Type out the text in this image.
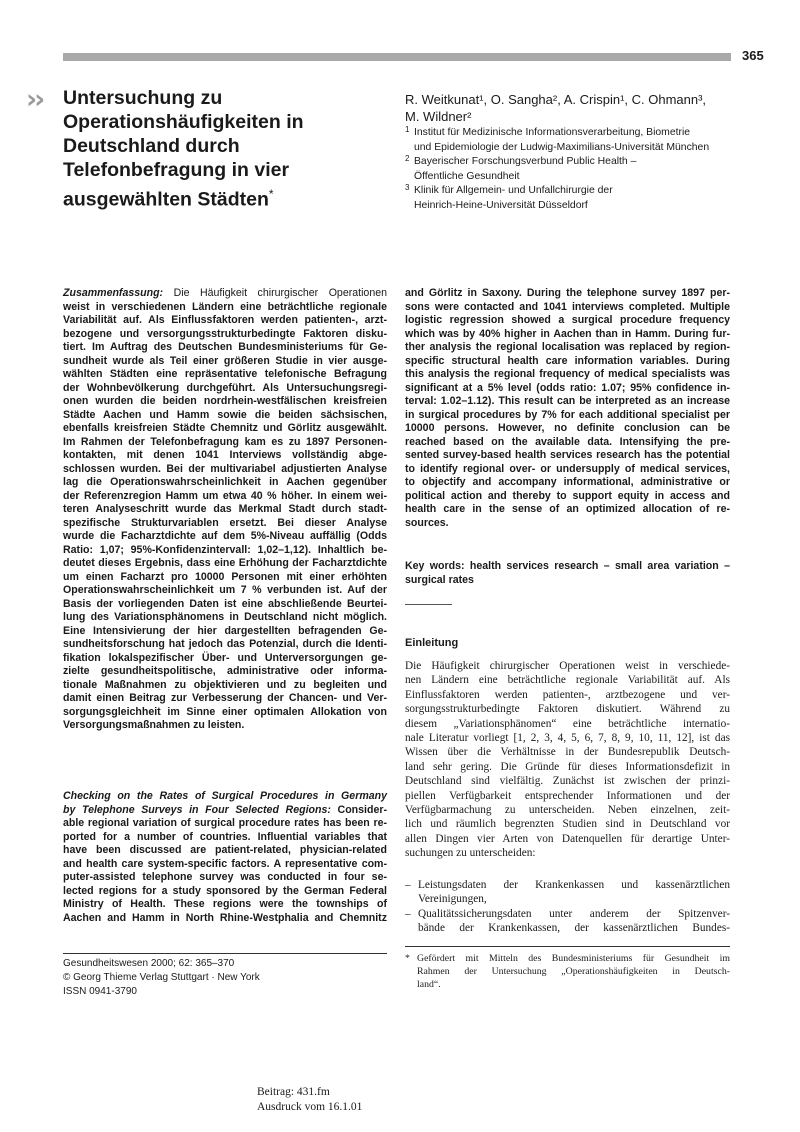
365
›› Untersuchung zu
Operationshäufigkeiten in
Deutschland durch
Telefonbefragung in vier
ausgewählten Städten*
R. Weitkunat¹, O. Sangha², A. Crispin¹, C. Ohmann³,
M. Wildner²
1 Institut für Medizinische Informationsverarbeitung, Biometrie
und Epidemiologie der Ludwig-Maximilians-Universität München
2 Bayerischer Forschungsverbund Public Health –
Öffentliche Gesundheit
3 Klinik für Allgemein- und Unfallchirurgie der
Heinrich-Heine-Universität Düsseldorf
Zusammenfassung: Die Häufigkeit chirurgischer Operationen
weist in verschiedenen Ländern eine beträchtliche regionale
Variabilität auf. Als Einflussfaktoren werden patienten-, arzt-
bezogene und versorgungsstrukturbedingte Faktoren disku-
tiert. Im Auftrag des Deutschen Bundesministeriums für Ge-
sundheit wurde als Teil einer größeren Studie in vier ausge-
wählten Städten eine repräsentative telefonische Befragung
der Wohnbevölkerung durchgeführt. Als Untersuchungsregi-
onen wurden die beiden nordrhein-westfälischen kreisfreien
Städte Aachen und Hamm sowie die beiden sächsischen,
ebenfalls kreisfreien Städte Chemnitz und Görlitz ausgewählt.
Im Rahmen der Telefonbefragung kam es zu 1897 Personen-
kontakten, mit denen 1041 Interviews vollständig abge-
schlossen wurden. Bei der multivariabel adjustierten Analyse
lag die Operationswahrscheinlichkeit in Aachen gegenüber
der Referenzregion Hamm um etwa 40 % höher. In einem wei-
teren Analyseschritt wurde das Merkmal Stadt durch stadt-
spezifische Strukturvariablen ersetzt. Bei dieser Analyse
wurde die Facharztdichte auf dem 5%-Niveau auffällig (Odds
Ratio: 1,07; 95%-Konfidenzintervall: 1,02–1,12). Inhaltlich be-
deutet dieses Ergebnis, dass eine Erhöhung der Facharztdichte
um einen Facharzt pro 10000 Personen mit einer erhöhten
Operationswahrscheinlichkeit um 7 % verbunden ist. Auf der
Basis der vorliegenden Daten ist eine abschließende Beurtei-
lung des Variationsphänomens in Deutschland nicht möglich.
Eine Intensivierung der hier dargestellten befragenden Ge-
sundheitsforschung hat jedoch das Potenzial, durch die Identi-
fikation lokalspezifischer Über- und Unterversorgungen ge-
zielte gesundheitspolitische, administrative oder informa-
tionale Maßnahmen zu objektivieren und zu begleiten und
damit einen Beitrag zur Verbesserung der Chancen- und Ver-
sorgungsgleichheit im Sinne einer optimalen Allokation von
Versorgungsmaßnahmen zu leisten.
Checking on the Rates of Surgical Procedures in Germany
by Telephone Surveys in Four Selected Regions: Consider-
able regional variation of surgical procedure rates has been re-
ported for a number of countries. Influential variables that
have been discussed are patient-related, physician-related
and health care system-specific factors. A representative com-
puter-assisted telephone survey was conducted in four se-
lected regions for a study sponsored by the German Federal
Ministry of Health. These regions were the townships of
Aachen and Hamm in North Rhine-Westphalia and Chemnitz
and Görlitz in Saxony. During the telephone survey 1897 per-
sons were contacted and 1041 interviews completed. Multiple
logistic regression showed a surgical procedure frequency
which was by 40% higher in Aachen than in Hamm. During fur-
ther analysis the regional localisation was replaced by region-
specific structural health care information variables. During
this analysis the regional frequency of medical specialists was
significant at a 5% level (odds ratio: 1.07; 95% confidence in-
terval: 1.02–1.12). This result can be interpreted as an increase
in surgical procedures by 7% for each additional specialist per
10000 persons. However, no definite conclusion can be
reached based on the available data. Intensifying the pre-
sented survey-based health services research has the potential
to identify regional over- or undersupply of medical services,
to objectify and accompany informational, administrative or
political action and thereby to support equity in access and
health care in the sense of an optimized allocation of re-
sources.
Key words: health services research – small area variation –
surgical rates
Einleitung
Die Häufigkeit chirurgischer Operationen weist in verschiede-
nen Ländern eine beträchtliche regionale Variabilität auf. Als
Einflussfaktoren werden patienten-, arztbezogene und ver-
sorgungsstrukturbedingte Faktoren diskutiert. Während zu
diesem „Variationsphänomen“ eine beträchtliche internatio-
nale Literatur vorliegt [1, 2, 3, 4, 5, 6, 7, 8, 9, 10, 11, 12], ist das
Wissen über die Verhältnisse in der Bundesrepublik Deutsch-
land sehr gering. Die Gründe für dieses Informationsdefizit in
Deutschland sind vielfältig. Zunächst ist zwischen der prinzi-
piellen Verfügbarkeit entsprechender Informationen und der
Verfügbarmachung zu unterscheiden. Neben einzelnen, zeit-
lich und räumlich begrenzten Studien sind in Deutschland vor
allen Dingen vier Arten von Datenquellen für derartige Unter-
suchungen zu unterscheiden:
– Leistungsdaten der Krankenkassen und kassenärztlichen
Vereinigungen,
– Qualitätssicherungsdaten unter anderem der Spitzenver-
bände der Krankenkassen, der kassenärztlichen Bundes-
Gesundheitswesen 2000; 62: 365–370
© Georg Thieme Verlag Stuttgart · New York
ISSN 0941-3790
* Gefördert mit Mitteln des Bundesministeriums für Gesundheit im
Rahmen der Untersuchung „Operationshäufigkeiten in Deutsch-
land“.
Beitrag: 431.fm
Ausdruck vom 16.1.01
